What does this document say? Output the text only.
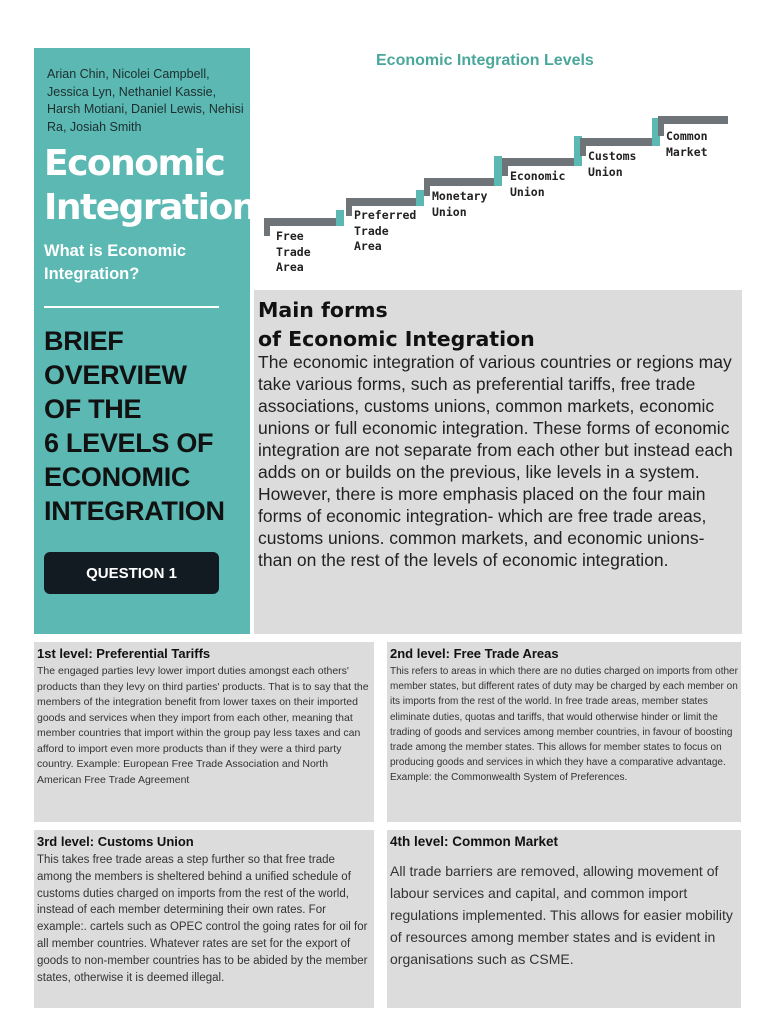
Arian Chin, Nicolei Campbell, Jessica Lyn, Nethaniel Kassie, Harsh Motiani, Daniel Lewis, Nehisi Ra, Josiah Smith
Economic
Integration
What is Economic Integration?
BRIEF
OVERVIEW
OF THE
6 LEVELS OF
ECONOMIC
INTEGRATION
QUESTION 1
Economic Integration Levels
Free
Trade
Area
Preferred
Trade
Area
Monetary
Union
Economic
Union
Customs
Union
Common
Market
Main forms
of Economic Integration
The economic integration of various countries or regions may take various forms, such as preferential tariffs, free trade associations, customs unions, common markets, economic unions or full economic integration. These forms of economic integration are not separate from each other but instead each adds on or builds on the previous, like levels in a system. However, there is more emphasis placed on the four main forms of economic integration- which are free trade areas, customs unions. common markets, and economic unions- than on the rest of the levels of economic integration.
1st level: Preferential Tariffs
The engaged parties levy lower import duties amongst each others' products than they levy on third parties' products. That is to say that the members of the integration benefit from lower taxes on their imported goods and services when they import from each other, meaning that member countries that import within the group pay less taxes and can afford to import even more products than if they were a third party country. Example: European Free Trade Association and North American Free Trade Agreement
2nd level: Free Trade Areas
This refers to areas in which there are no duties charged on imports from other member states, but different rates of duty may be charged by each member on its imports from the rest of the world. In free trade areas, member states eliminate duties, quotas and tariffs, that would otherwise hinder or limit the trading of goods and services among member countries, in favour of boosting trade among the member states. This allows for member states to focus on producing goods and services in which they have a comparative advantage. Example: the Commonwealth System of Preferences.
3rd level: Customs Union
This takes free trade areas a step further so that free trade among the members is sheltered behind a unified schedule of customs duties charged on imports from the rest of the world, instead of each member determining their own rates. For example:. cartels such as OPEC control the going rates for oil for all member countries. Whatever rates are set for the export of goods to non-member countries has to be abided by the member states, otherwise it is deemed illegal.
4th level: Common Market
All trade barriers are removed, allowing movement of labour services and capital, and common import regulations implemented. This allows for easier mobility of resources among member states and is evident in organisations such as CSME.
